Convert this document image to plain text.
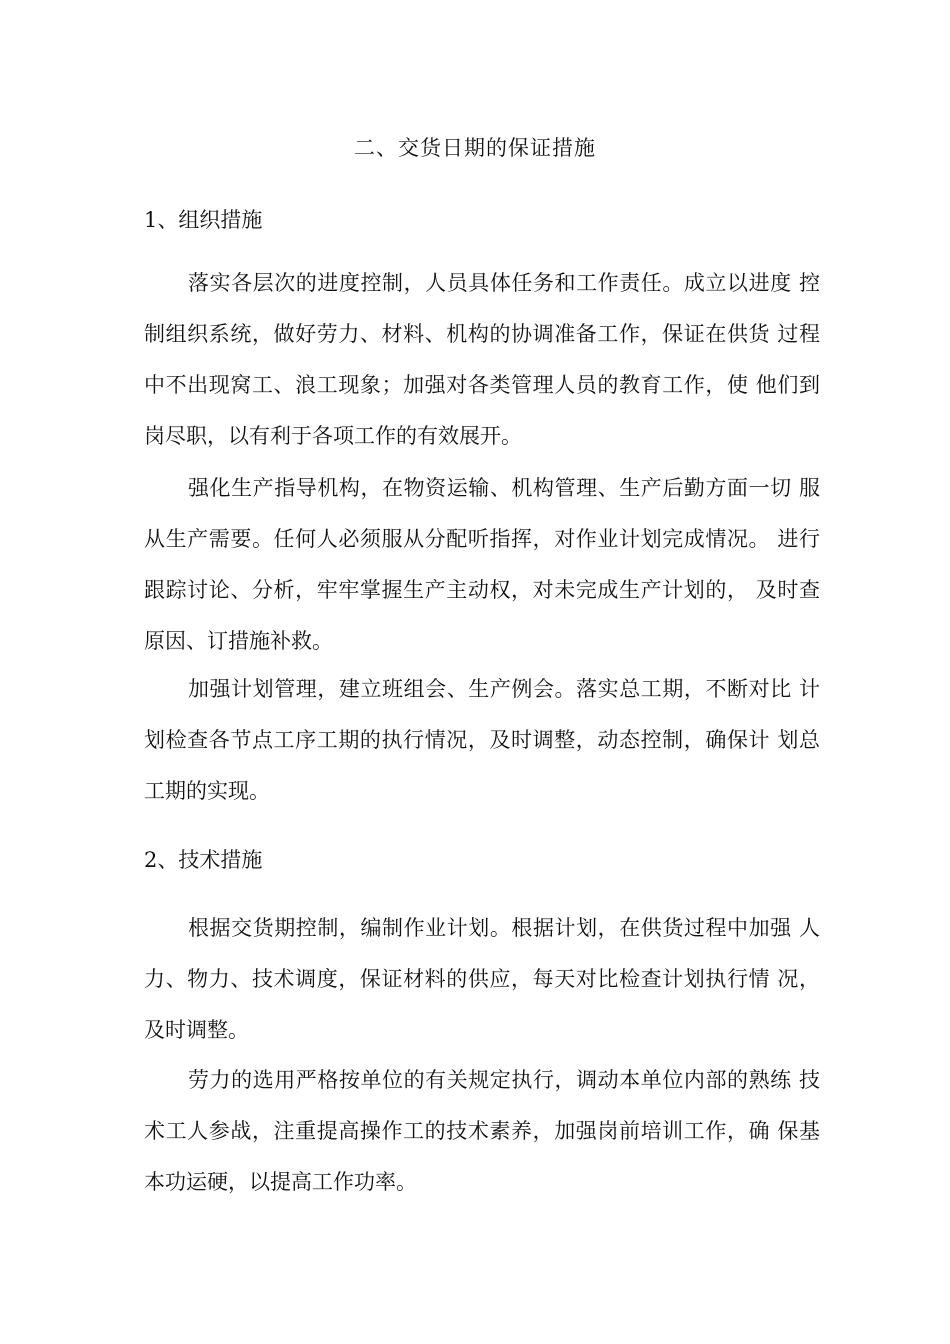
二、交货日期的保证措施
1、组织措施
落实各层次的进度控制，人员具体任务和工作责任。成立以进度 控
制组织系统，做好劳力、材料、机构的协调准备工作，保证在供货 过程
中不出现窝工、浪工现象；加强对各类管理人员的教育工作，使 他们到
岗尽职，以有利于各项工作的有效展开。
强化生产指导机构，在物资运输、机构管理、生产后勤方面一切 服
从生产需要。任何人必须服从分配听指挥，对作业计划完成情况。 进行
跟踪讨论、分析，牢牢掌握生产主动权，对未完成生产计划的， 及时查
原因、订措施补救。
加强计划管理，建立班组会、生产例会。落实总工期，不断对比 计
划检查各节点工序工期的执行情况，及时调整，动态控制，确保计 划总
工期的实现。
2、技术措施
根据交货期控制，编制作业计划。根据计划，在供货过程中加强 人
力、物力、技术调度，保证材料的供应，每天对比检查计划执行情 况，
及时调整。
劳力的选用严格按单位的有关规定执行，调动本单位内部的熟练 技
术工人参战，注重提高操作工的技术素养，加强岗前培训工作，确 保基
本功运硬，以提高工作功率。
